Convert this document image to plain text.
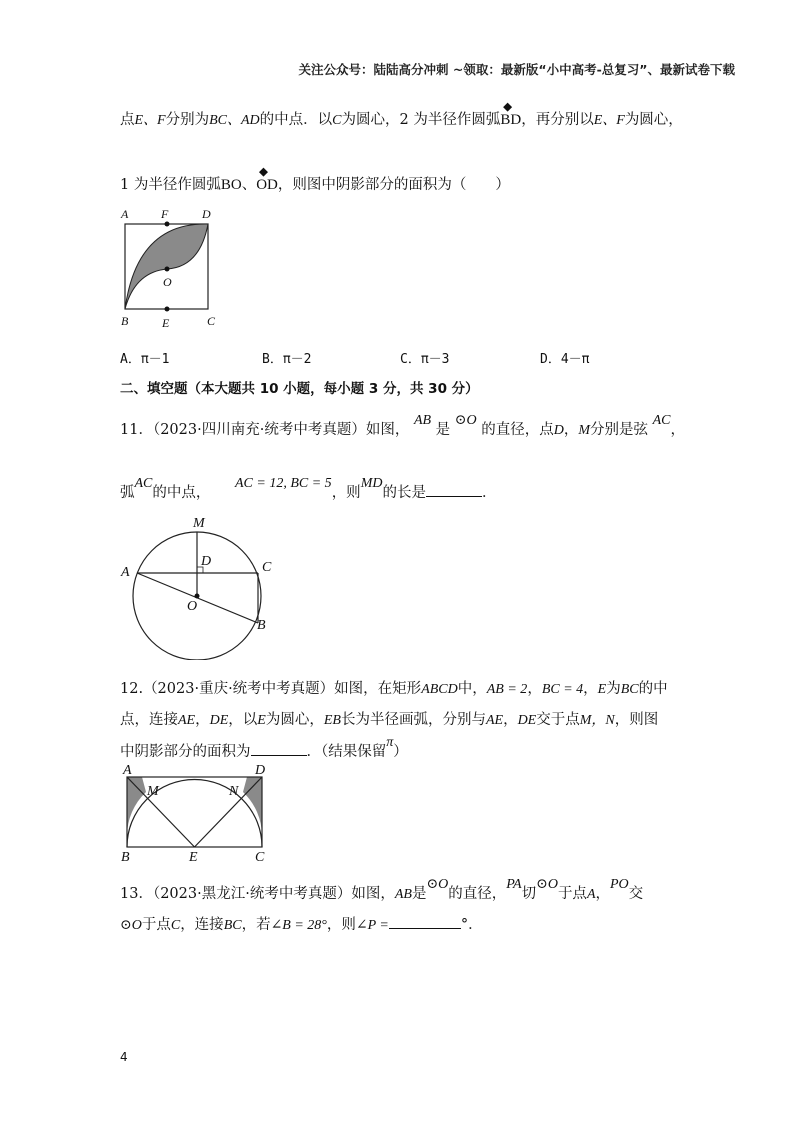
关注公众号：陆陆高分冲刺 ~领取：最新版“小中高考-总复习”、最新试卷下载
点E、F分别为BC、AD的中点．以C为圆心，2 为半径作圆弧
◆
BD，再分别以E、F为圆心，
1 为半径作圆弧BO、
◆
OD，则图中阴影部分的面积为（　　）
A	F	D
O
B	E	C
A．π－1	B．π－2	C．π－3	D．4－π
二、填空题（本大题共 10 小题，每小题 3 分，共 30 分）
11．（2023·四川南充·统考中考真题）如图， AB 是 ⊙O 的直径，点D，M分别是弦 AC，
弧AC的中点， AC = 12, BC = 5，则MD的长是	．
M
D
A	C
O
B
12.（2023·重庆·统考中考真题）如图，在矩形ABCD中，AB = 2，BC = 4，E为BC的中
点，连接AE，DE，以E为圆心，EB长为半径画弧，分别与AE，DE交于点M，N，则图
中阴影部分的面积为	．（结果保留π）
A
M	N
D
B	E	C
13．（2023·黑龙江·统考中考真题）如图，AB是⊙O的直径，PA切⊙O于点A，PO交
⊙O于点C，连接BC，若∠B = 28°，则∠P =	°．
4
